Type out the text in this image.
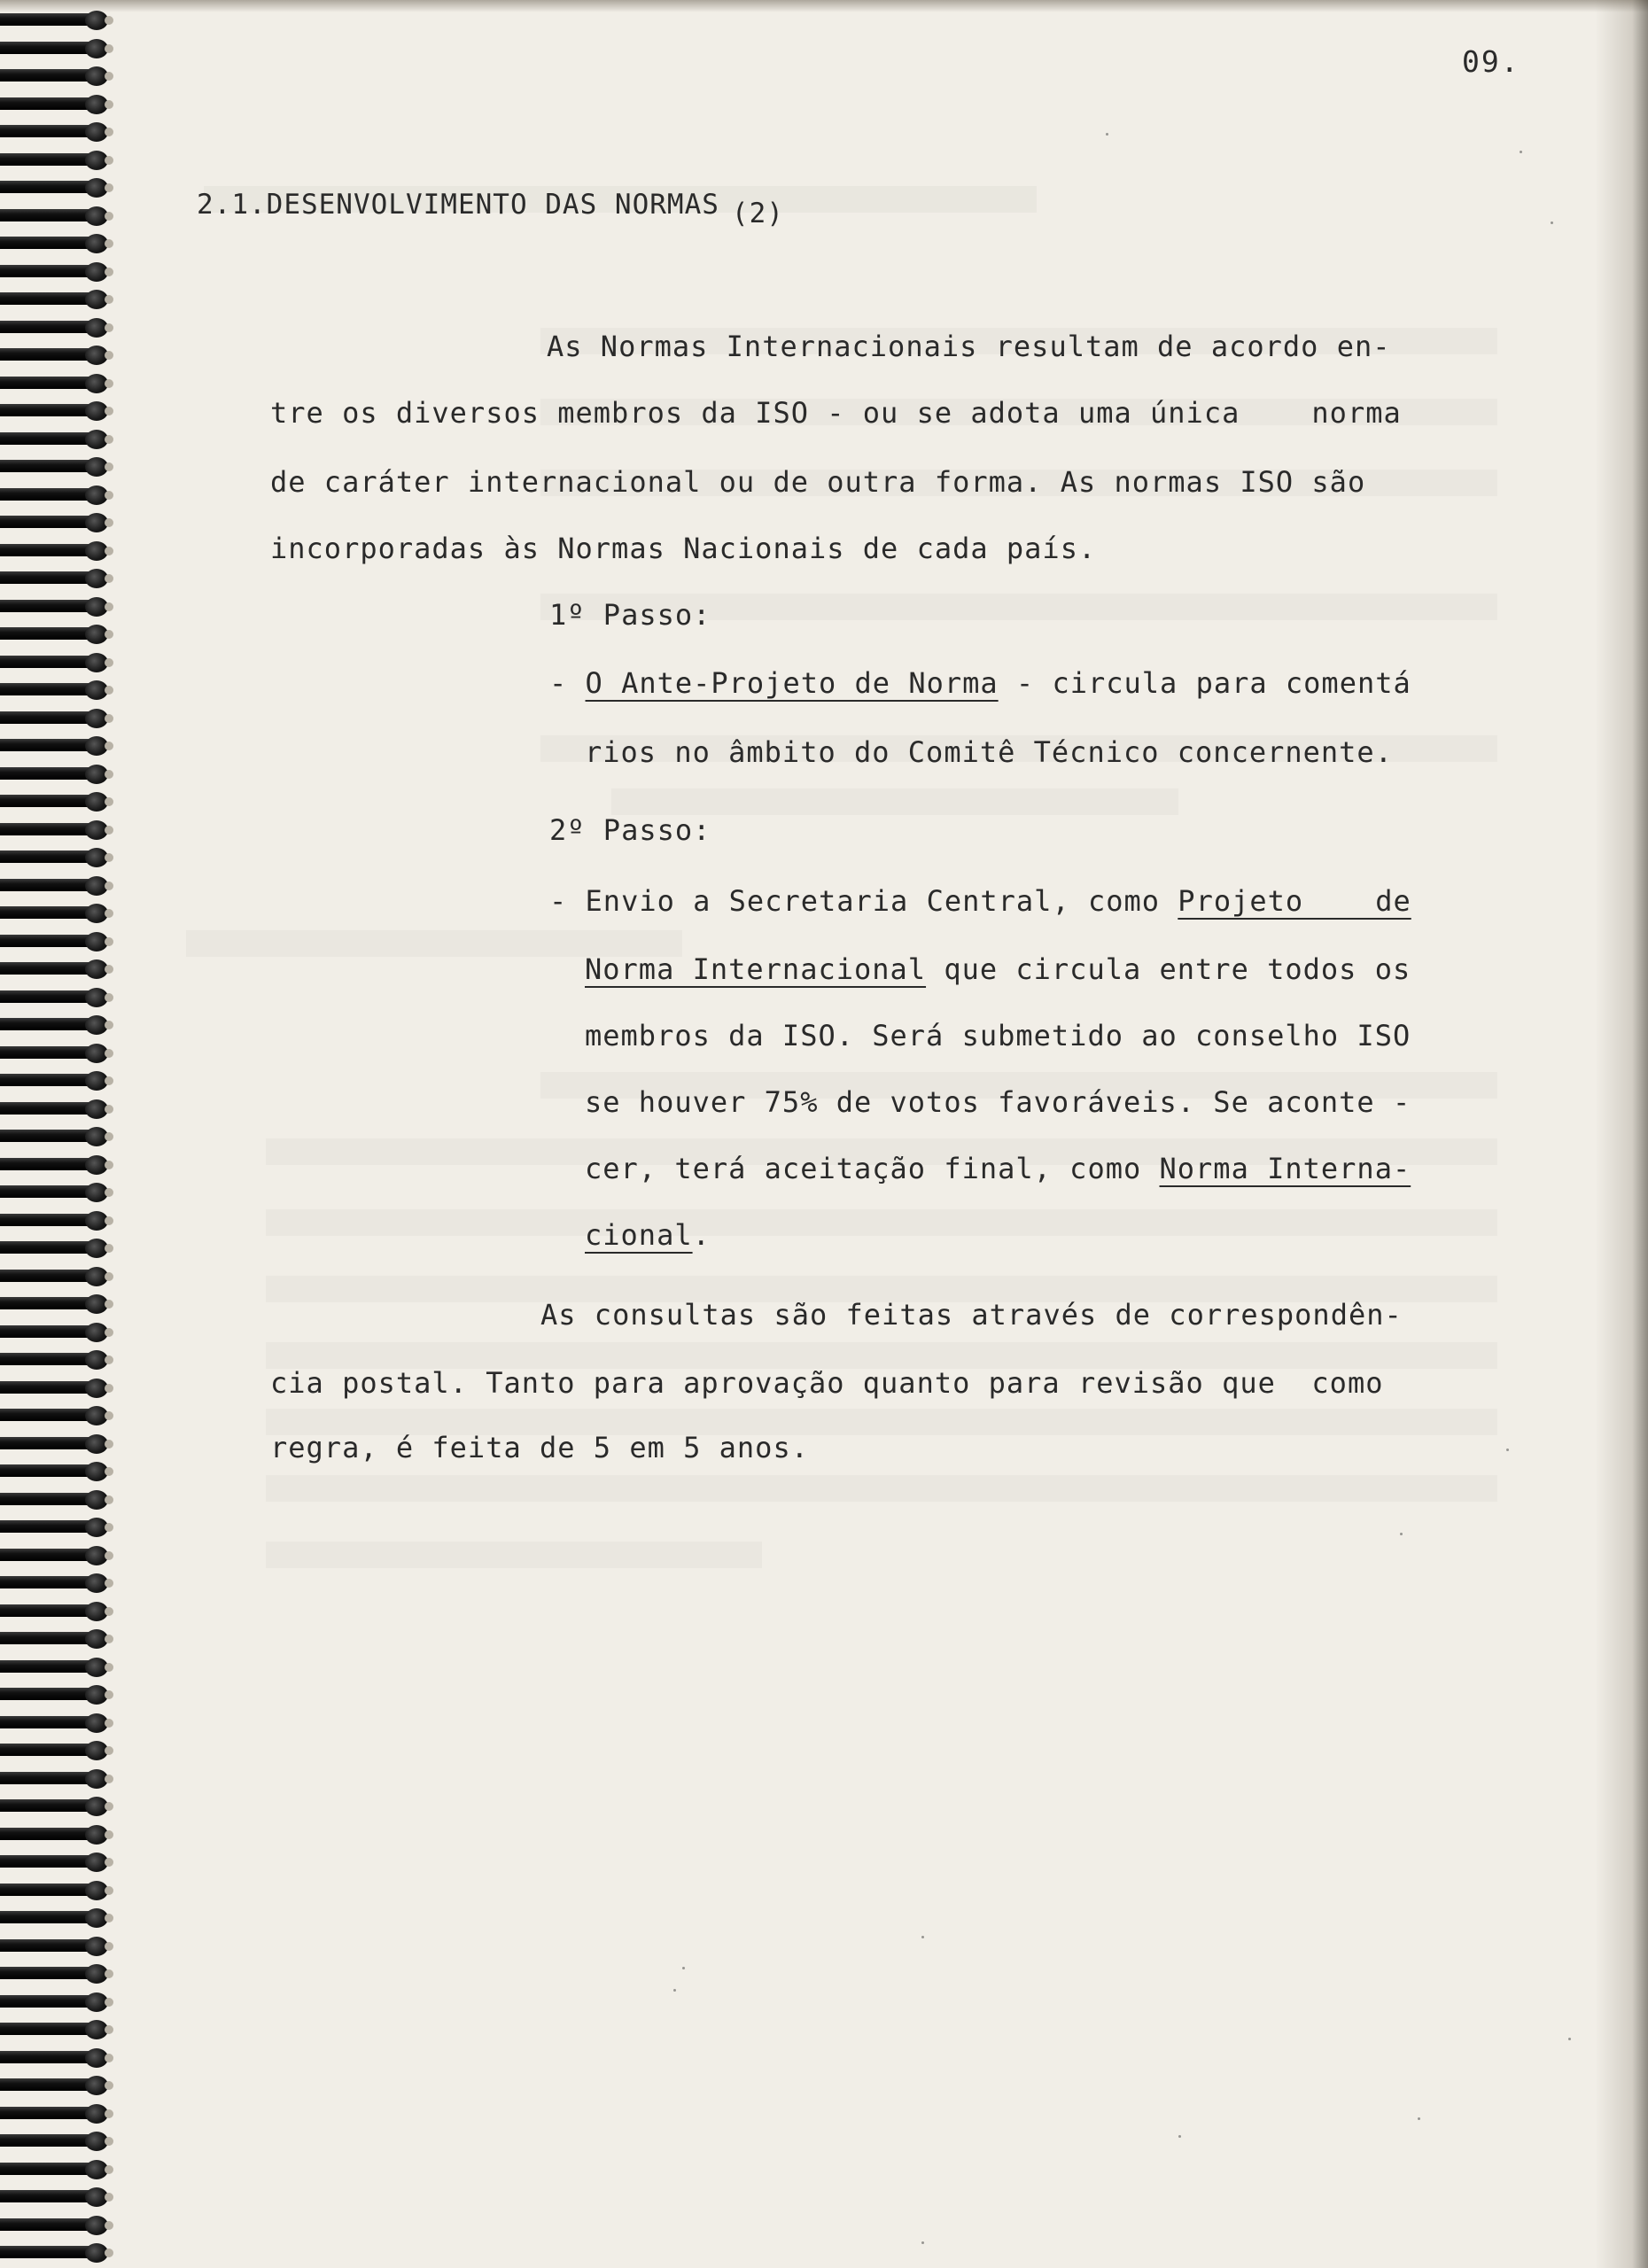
09.
2.1.DESENVOLVIMENTO DAS NORMAS (2)
As Normas Internacionais resultam de acordo en-
tre os diversos membros da ISO - ou se adota uma única    norma
de caráter internacional ou de outra forma. As normas ISO são
incorporadas às Normas Nacionais de cada país.
1º Passo:
- O Ante-Projeto de Norma - circula para comentá
rios no âmbito do Comitê Técnico concernente.
2º Passo:
- Envio a Secretaria Central, como Projeto    de
Norma Internacional que circula entre todos os
membros da ISO. Será submetido ao conselho ISO
se houver 75% de votos favoráveis. Se aconte -
cer, terá aceitação final, como Norma Interna-
cional.
As consultas são feitas através de correspondên-
cia postal. Tanto para aprovação quanto para revisão que  como
regra, é feita de 5 em 5 anos.
